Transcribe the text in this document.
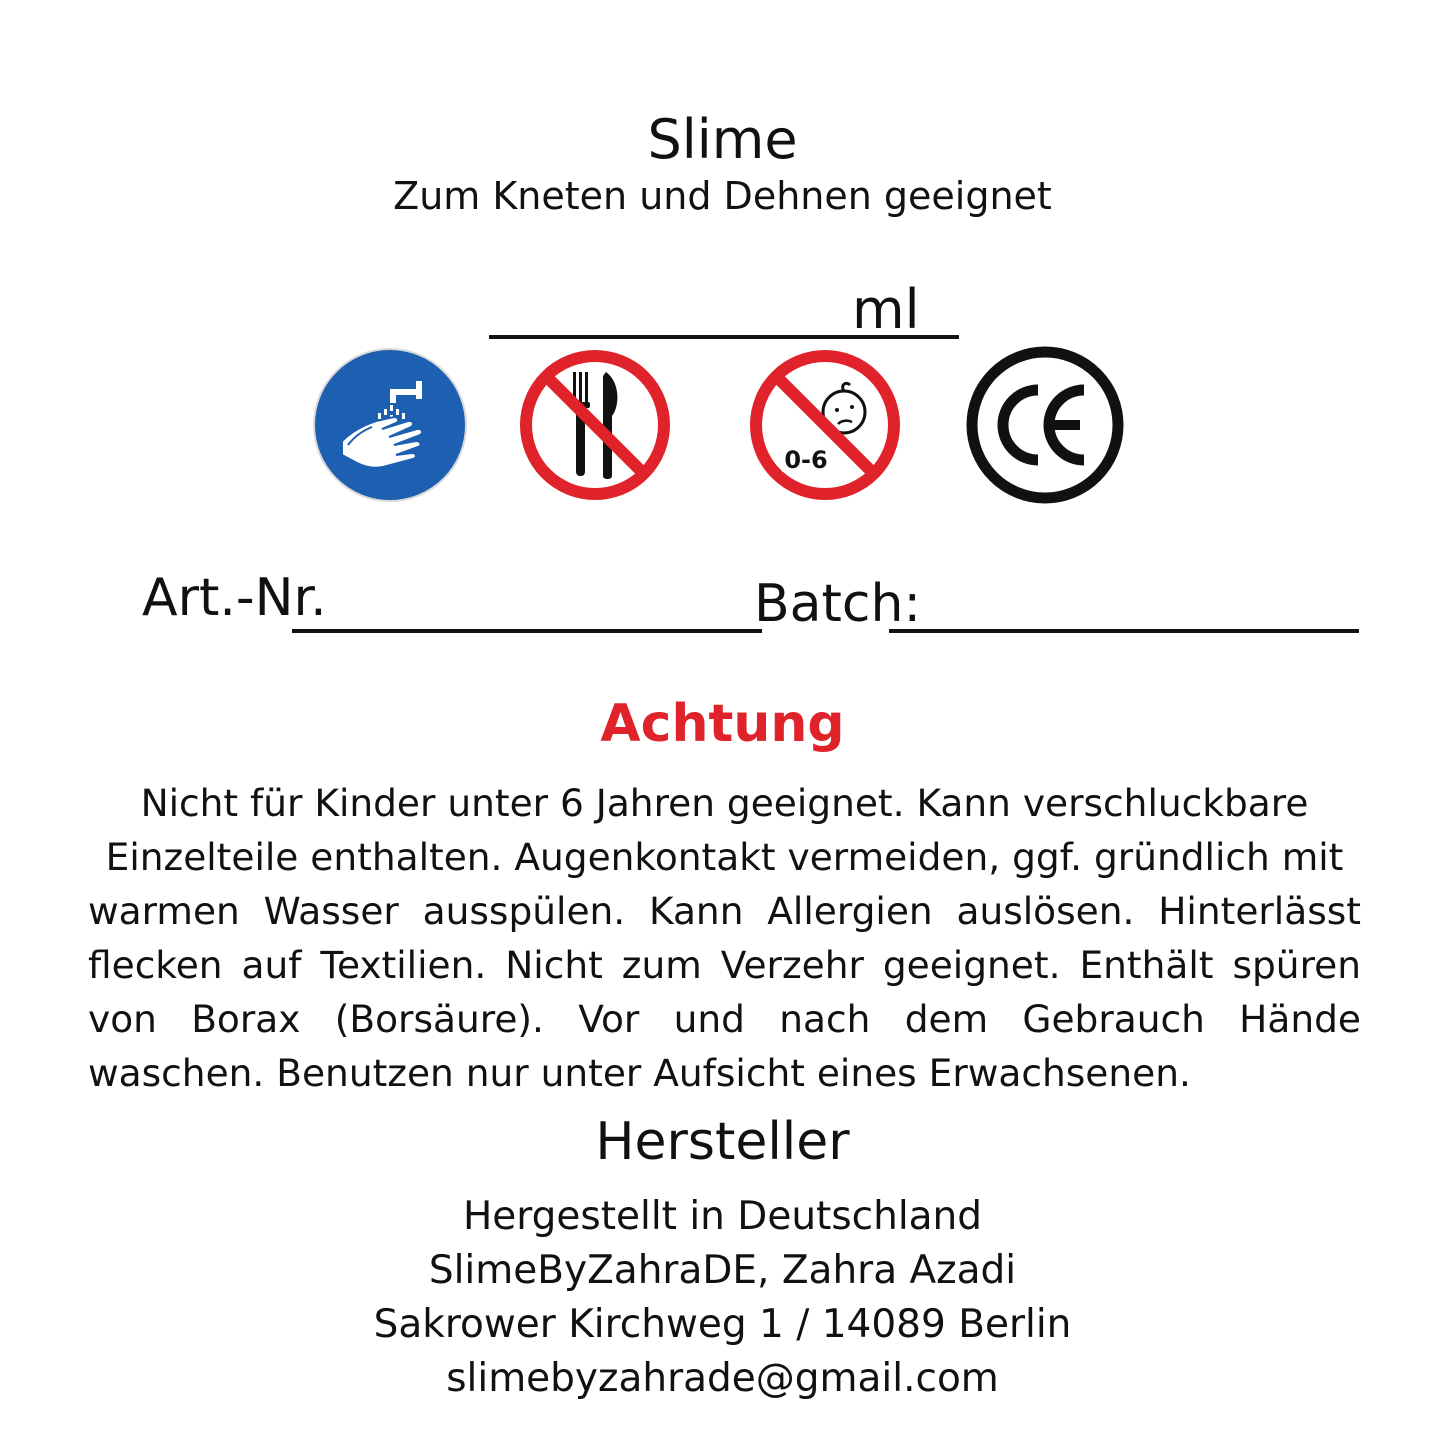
Slime
Zum Kneten und Dehnen geeignet
ml
0-6
Art.-Nr.	Batch:
Achtung
Nicht für Kinder unter 6 Jahren geeignet. Kann verschluckbare
Einzelteile enthalten. Augenkontakt vermeiden, ggf. gründlich mit
warmen Wasser ausspülen. Kann Allergien auslösen. Hinterlässt flecken auf Textilien. Nicht zum Verzehr geeignet. Enthält spüren von Borax (Borsäure). Vor und nach dem Gebrauch Hände waschen. Benutzen nur unter Aufsicht eines Erwachsenen.
Hersteller
Hergestellt in Deutschland
SlimeByZahraDE, Zahra Azadi
Sakrower Kirchweg 1 / 14089 Berlin
slimebyzahrade@gmail.com
